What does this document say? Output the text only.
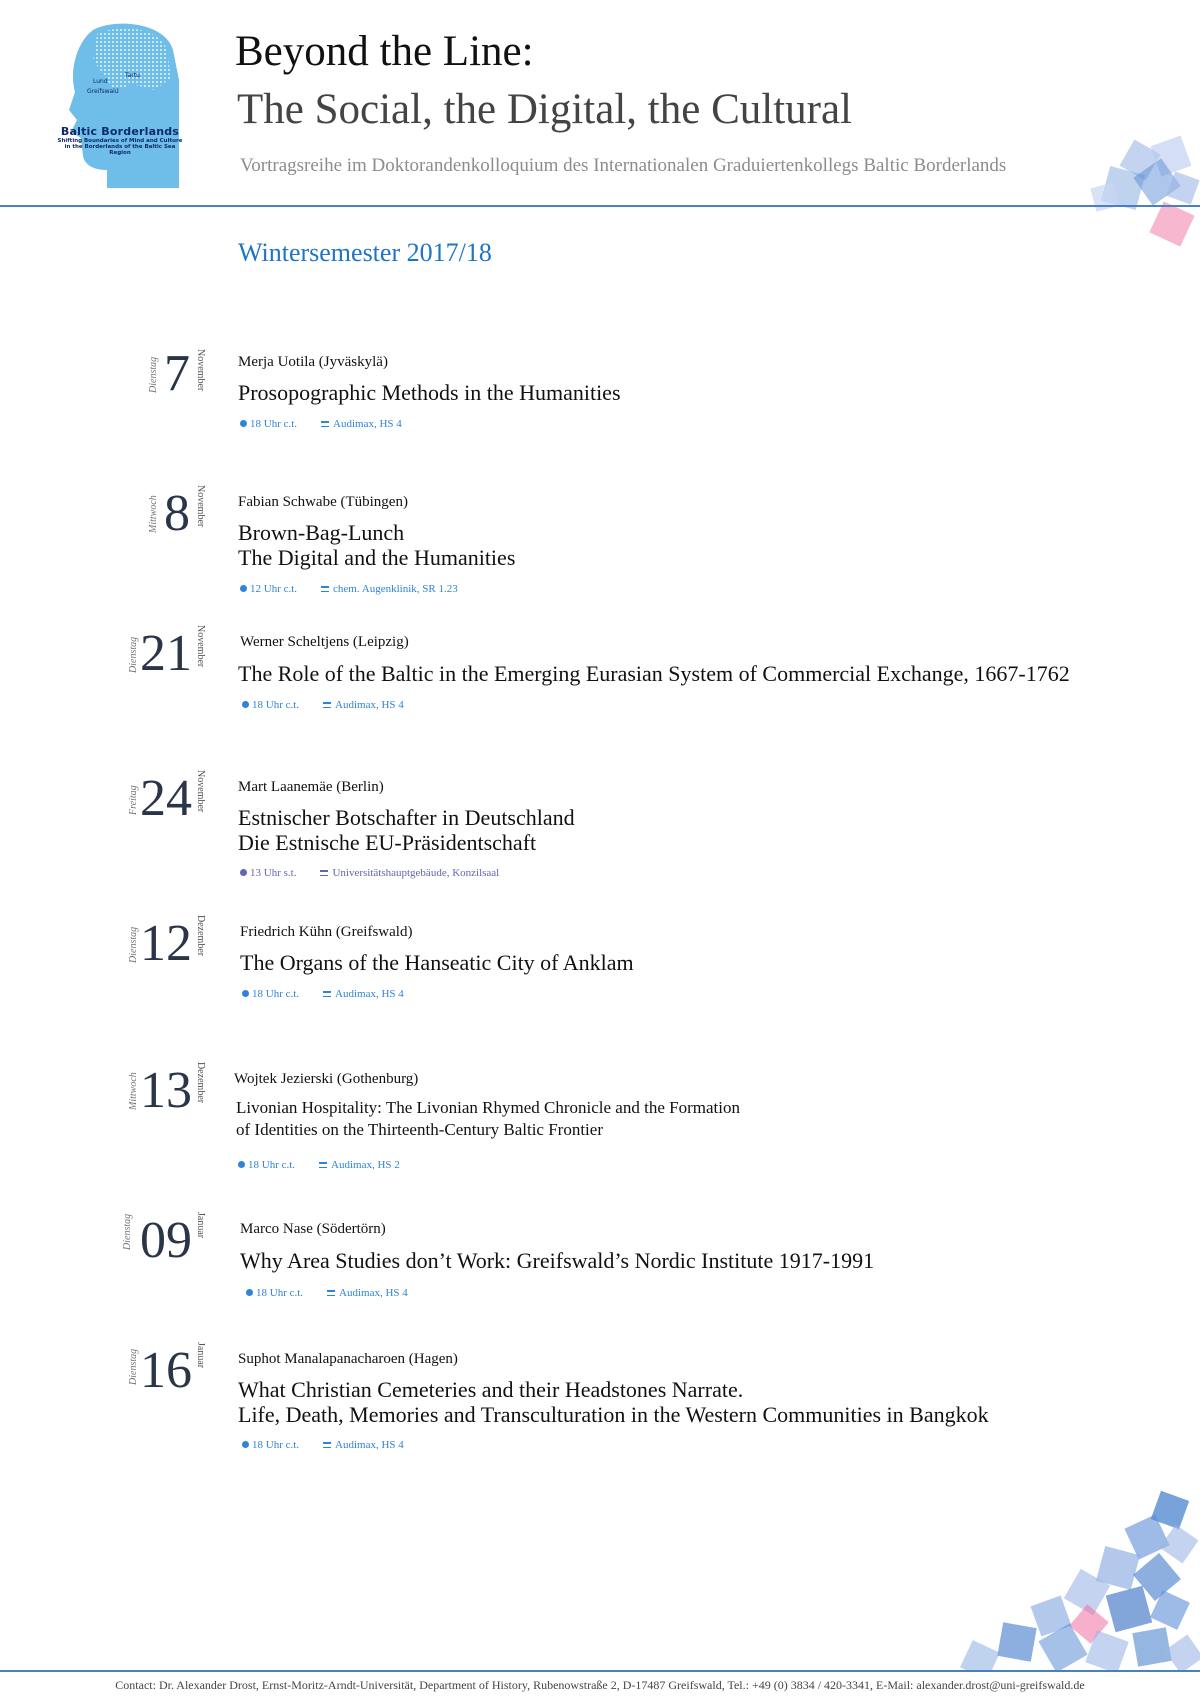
Lund
Tartu
Greifswald
Baltic Borderlands
Shifting Boundaries of Mind and Culture
in the Borderlands of the Baltic Sea Region
Beyond the Line:
The Social, the Digital, the Cultural
Vortragsreihe im Doktorandenkolloquium des Internationalen Graduiertenkollegs Baltic Borderlands
Wintersemester 2017/18
Dienstag 7 November Merja Uotila (Jyväskylä)
Prosopographic Methods in the Humanities
18 Uhr c.t.	Audimax, HS 4
Mittwoch 8 November Fabian Schwabe (Tübingen)
Brown-Bag-Lunch
The Digital and the Humanities
12 Uhr c.t.	chem. Augenklinik, SR 1.23
Dienstag 21 November Werner Scheltjens (Leipzig)
The Role of the Baltic in the Emerging Eurasian System of Commercial Exchange, 1667-1762
18 Uhr c.t.	Audimax, HS 4
Freitag 24 November Mart Laanemäe (Berlin)
Estnischer Botschafter in Deutschland
Die Estnische EU-Präsidentschaft
13 Uhr s.t.	Universitätshauptgebäude, Konzilsaal
Dienstag 12 Dezember Friedrich Kühn (Greifswald)
The Organs of the Hanseatic City of Anklam
18 Uhr c.t.	Audimax, HS 4
Mittwoch 13 Dezember Wojtek Jezierski (Gothenburg)
Livonian Hospitality: The Livonian Rhymed Chronicle and the Formation
of Identities on the Thirteenth-Century Baltic Frontier
18 Uhr c.t.	Audimax, HS 2
Dienstag 09 Januar Marco Nase (Södertörn)
Why Area Studies don’t Work: Greifswald’s Nordic Institute 1917-1991
18 Uhr c.t.	Audimax, HS 4
Dienstag 16 Januar Suphot Manalapanacharoen (Hagen)
What Christian Cemeteries and their Headstones Narrate.
Life, Death, Memories and Transculturation in the Western Communities in Bangkok
18 Uhr c.t.	Audimax, HS 4
Contact: Dr. Alexander Drost, Ernst-Moritz-Arndt-Universität, Department of History, Rubenowstraße 2, D-17487 Greifswald, Tel.: +49 (0) 3834 / 420-3341, E-Mail: alexander.drost@uni-greifswald.de
